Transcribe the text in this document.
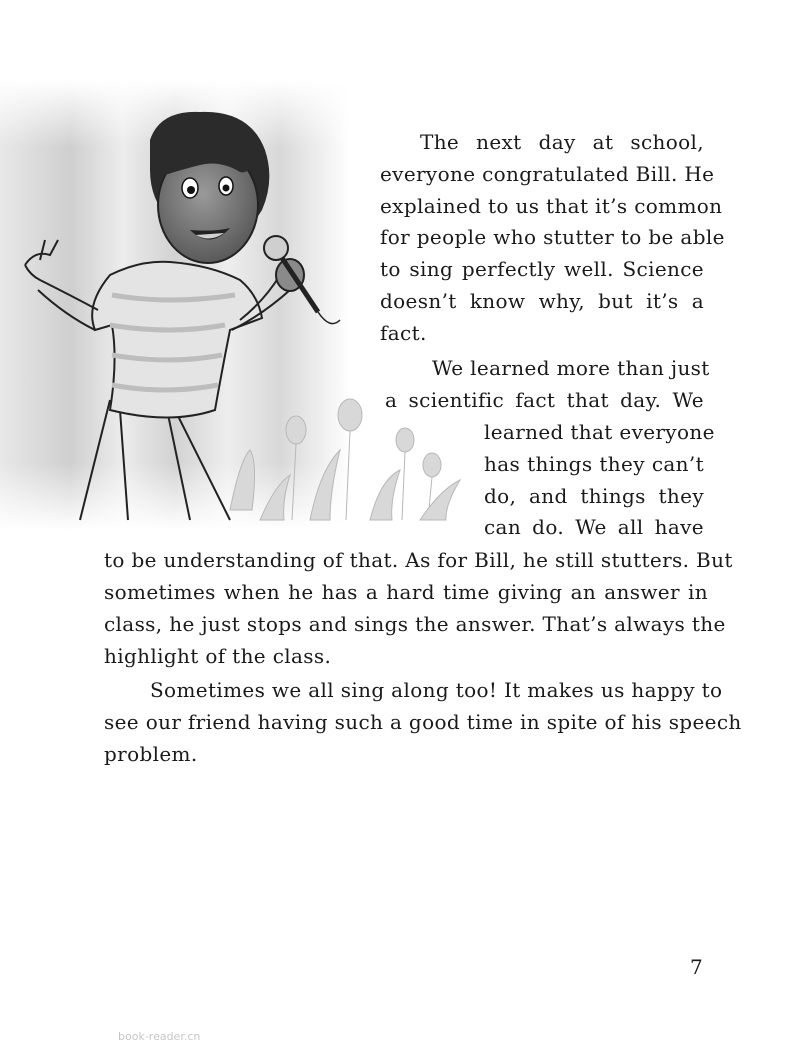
The next day at school,

everyone congratulated Bill. He

explained to us that it’s common

for people who stutter to be able

to sing perfectly well. Science

doesn’t know why, but it’s a

fact.

We learned more than just

a scientific fact that day. We

learned that everyone

has things they can’t

do, and things they

can do. We all have

to be understanding of that. As for Bill, he still stutters. But

sometimes when he has a hard time giving an answer in

class, he just stops and sings the answer. That’s always the

highlight of the class.

Sometimes we all sing along too! It makes us happy to

see our friend having such a good time in spite of his speech

problem.

7

book-reader.cn
